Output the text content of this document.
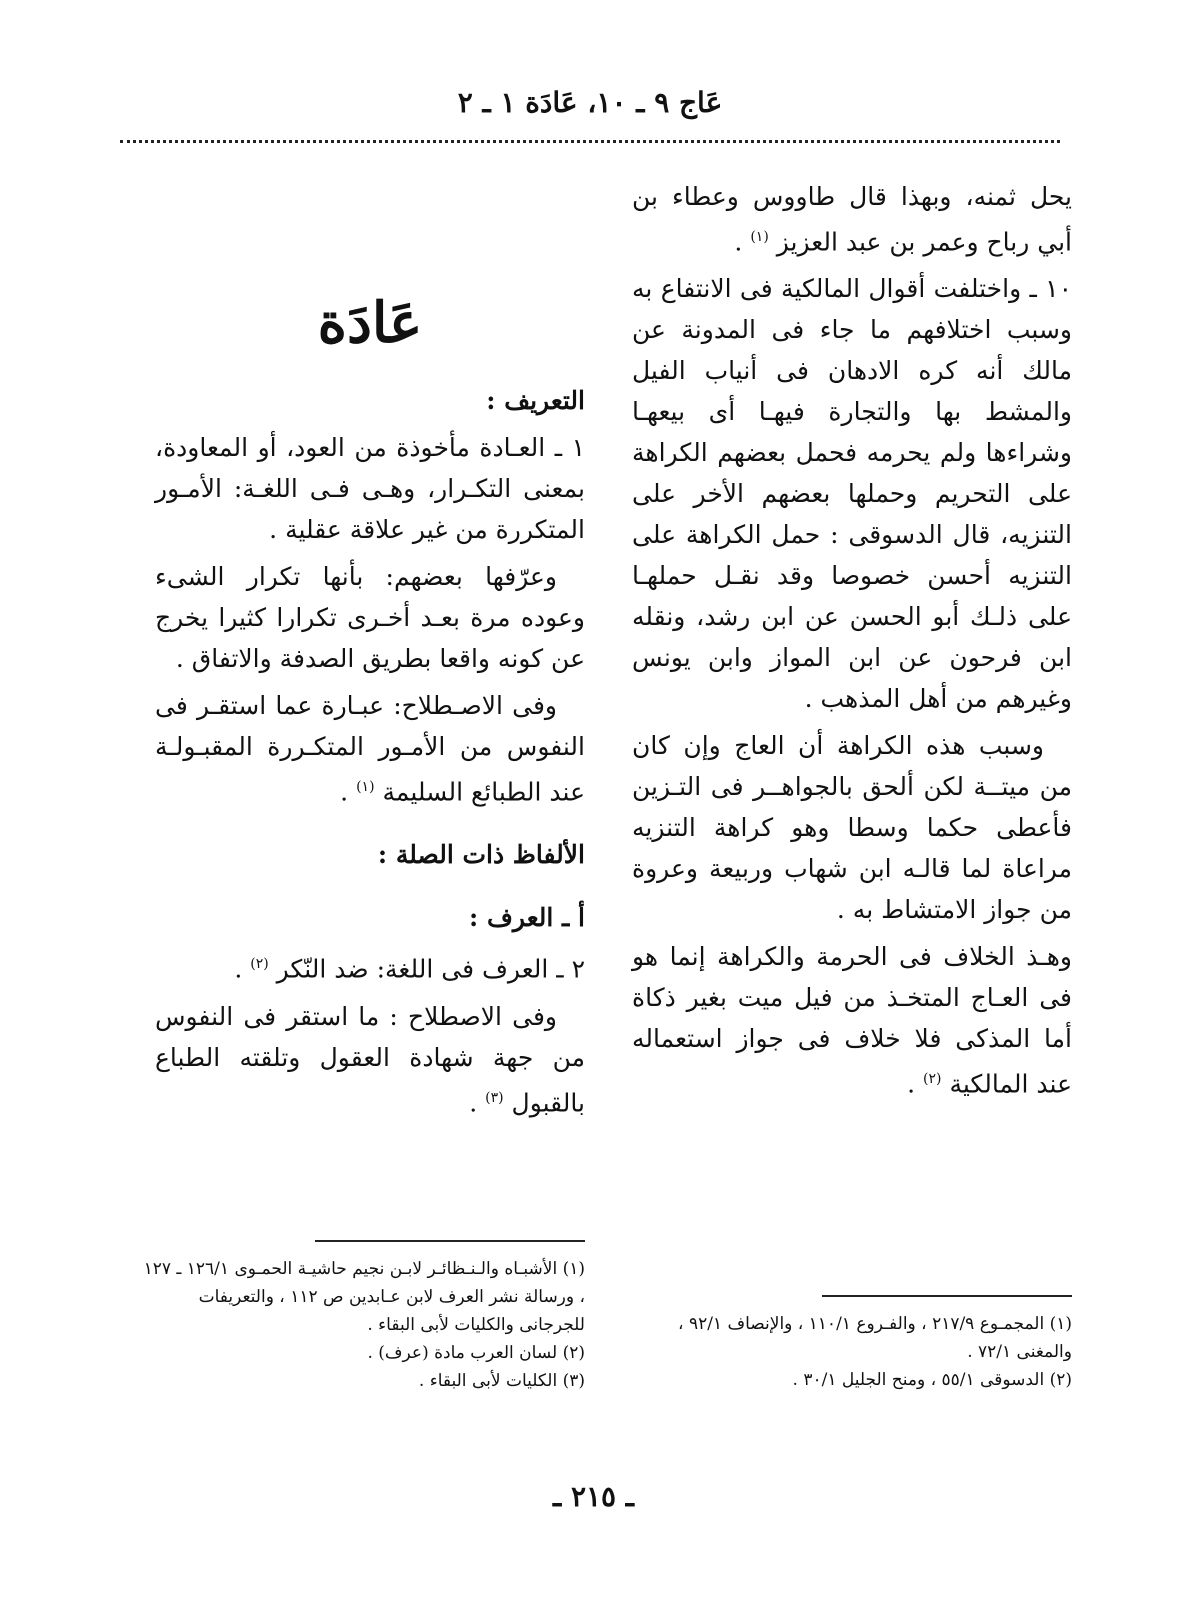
عَاج ٩ ـ ١٠، عَادَة ١ ـ ٢

يحل ثمنه، وبهذا قال طاووس وعطاء بن أبي رباح وعمر بن عبد العزيز $^{(١)}$ .

١٠ ـ واختلفت أقوال المالكية فى الانتفاع به وسبب اختلافهم ما جاء فى المدونة عن مالك أنه كره الادهان فى أنياب الفيل والمشط بها والتجارة فيهـا أى بيعهـا وشراءها ولم يحرمه فحمل بعضهم الكراهة على التحريم وحملها بعضهم الأخر على التنزيه، قال الدسوقى : حمل الكراهة على التنزيه أحسن خصوصا وقد نقـل حملهـا على ذلـك أبو الحسن عن ابن رشد، ونقله ابن فرحون عن ابن المواز وابن يونس وغيرهم من أهل المذهب .

وسبب هذه الكراهة أن العاج وإن كان من ميتــة لكن ألحق بالجواهــر فى التـزين فأعطى حكما وسطا وهو كراهة التنزيه مراعاة لما قالـه ابن شهاب وربيعة وعروة من جواز الامتشاط به .

وهـذ الخلاف فى الحرمة والكراهة إنما هو فى العـاج المتخـذ من فيل ميت بغير ذكاة أما المذكى فلا خلاف فى جواز استعماله عند المالكية $^{(٢)}$ .

عَادَة

التعريف :

١ ـ العـادة مأخوذة من العود، أو المعاودة، بمعنى التكـرار، وهـى فـى اللغـة: الأمـور المتكررة من غير علاقة عقلية .

وعرّفها بعضهم: بأنها تكرار الشىء وعوده مرة بعـد أخـرى تكرارا كثيرا يخرج عن كونه واقعا بطريق الصدفة والاتفاق .

وفى الاصـطلاح: عبـارة عما استقـر فى النفوس من الأمـور المتكـررة المقبـولـة عند الطبائع السليمة $^{(١)}$ .

الألفاظ ذات الصلة :

أ ـ العرف :

٢ ـ العرف فى اللغة: ضد النّكر $^{(٢)}$ .

وفى الاصطلاح : ما استقر فى النفوس من جهة شهادة العقول وتلقته الطباع بالقبول $^{(٣)}$ .

(١) المجمـوع ٢١٧/٩ ، والفـروع ١١٠/١ ، والإنصاف ٩٢/١ ، والمغنى ٧٢/١ .

(٢) الدسوقى ٥٥/١ ، ومنح الجليل ٣٠/١ .

(١) الأشبـاه والـنـظائـر لابـن نجيم حاشيـة الحمـوى ١٢٦/١ ـ ١٢٧ ، ورسالة نشر العرف لابن عـابدين ص ١١٢ ، والتعريفات للجرجانى والكليات لأبى البقاء .

(٢) لسان العرب مادة (عرف) .

(٣) الكليات لأبى البقاء .

ـ ٢١٥ ـ
